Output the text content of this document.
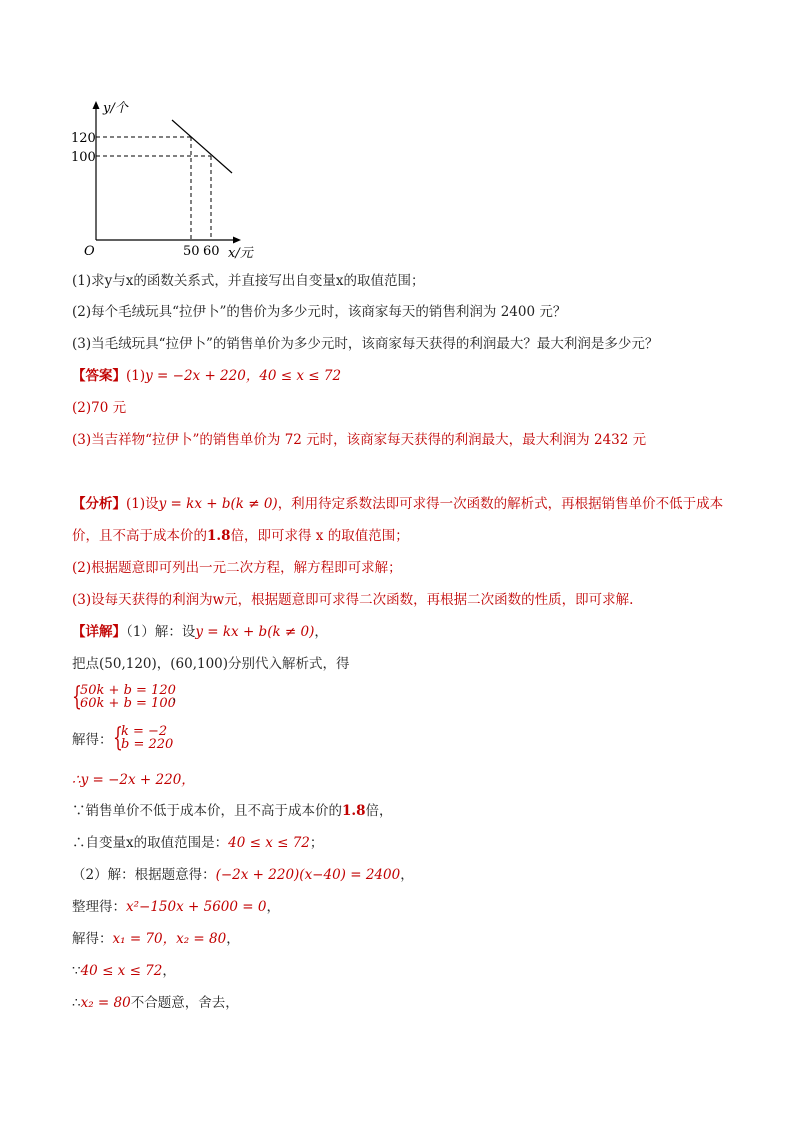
y/个
120
100
O	50 60 x/元
(1)求y与x的函数关系式，并直接写出自变量x的取值范围；
(2)每个毛绒玩具“拉伊卜”的售价为多少元时，该商家每天的销售利润为 2400 元？
(3)当毛绒玩具“拉伊卜”的销售单价为多少元时，该商家每天获得的利润最大？最大利润是多少元？
【答案】(1)y = −2x + 220，40 ≤ x ≤ 72
(2)70 元
(3)当吉祥物“拉伊卜”的销售单价为 72 元时，该商家每天获得的利润最大，最大利润为 2432 元
【分析】(1)设y = kx + b(k ≠ 0)，利用待定系数法即可求得一次函数的解析式，再根据销售单价不低于成本
价，且不高于成本价的1.8倍，即可求得 x 的取值范围；
(2)根据题意即可列出一元二次方程，解方程即可求解；
(3)设每天获得的利润为w元，根据题意即可求得二次函数，再根据二次函数的性质，即可求解.
【详解】（1）解：设y = kx + b(k ≠ 0)，
把点(50,120)，(60,100)分别代入解析式，得
{
50k + b = 120
60k + b = 100
，
解得： {
k = −2
b = 220
∴y = −2x + 220，
∵销售单价不低于成本价，且不高于成本价的1.8倍，
∴自变量x的取值范围是：40 ≤ x ≤ 72；
（2）解：根据题意得：(−2x + 220)(x−40) = 2400，
整理得：x²−150x + 5600 = 0，
解得：x₁ = 70，x₂ = 80，
∵40 ≤ x ≤ 72，
∴x₂ = 80不合题意，舍去，
